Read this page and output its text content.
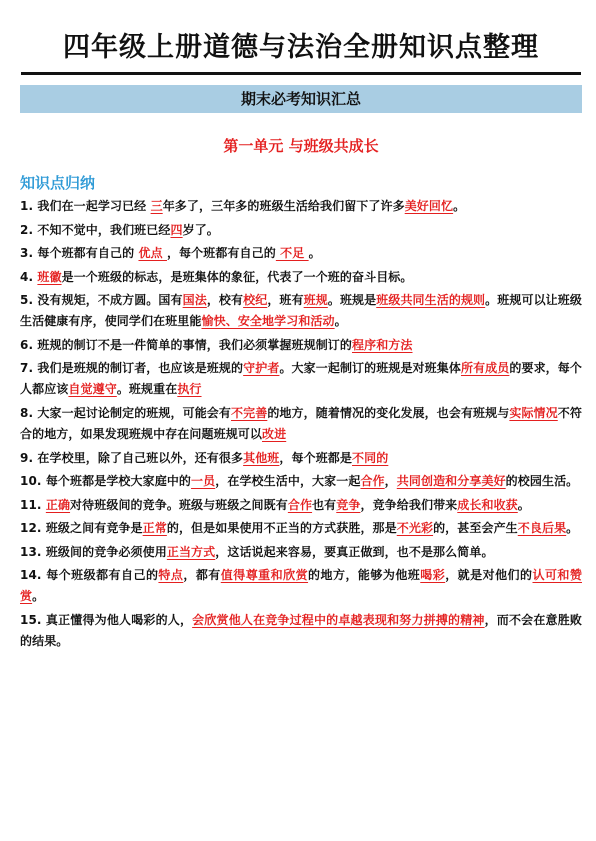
四年级上册道德与法治全册知识点整理
期末必考知识汇总
第一单元 与班级共成长
知识点归纳
1. 我们在一起学习已经 三年多了，三年多的班级生活给我们留下了许多美好回忆。
2. 不知不觉中，我们班已经四岁了。
3. 每个班都有自己的 优点 ，每个班都有自己的 不足 。
4. 班徽是一个班级的标志，是班集体的象征，代表了一个班的奋斗目标。
5. 没有规矩，不成方圆。国有国法，校有校纪，班有班规。班规是班级共同生活的规则。班规可以让班级生活健康有序，使同学们在班里能愉快、安全地学习和活动。
6. 班规的制订不是一件简单的事情，我们必须掌握班规制订的程序和方法
7. 我们是班规的制订者，也应该是班规的守护者。大家一起制订的班规是对班集体所有成员的要求，每个人都应该自觉遵守。班规重在执行
8. 大家一起讨论制定的班规，可能会有不完善的地方，随着情况的变化发展，也会有班规与实际情况不符合的地方，如果发现班规中存在问题班规可以改进
9. 在学校里，除了自己班以外，还有很多其他班，每个班都是不同的
10. 每个班都是学校大家庭中的一员，在学校生活中，大家一起合作，共同创造和分享美好的校园生活。
11. 正确对待班级间的竞争。班级与班级之间既有合作也有竞争，竞争给我们带来成长和收获。
12. 班级之间有竞争是正常的，但是如果使用不正当的方式获胜，那是不光彩的，甚至会产生不良后果。
13. 班级间的竞争必须使用正当方式，这话说起来容易，要真正做到，也不是那么简单。
14. 每个班级都有自己的特点，都有值得尊重和欣赏的地方，能够为他班喝彩，就是对他们的认可和赞赏。
15. 真正懂得为他人喝彩的人，会欣赏他人在竞争过程中的卓越表现和努力拼搏的精神，而不会在意胜败的结果。
